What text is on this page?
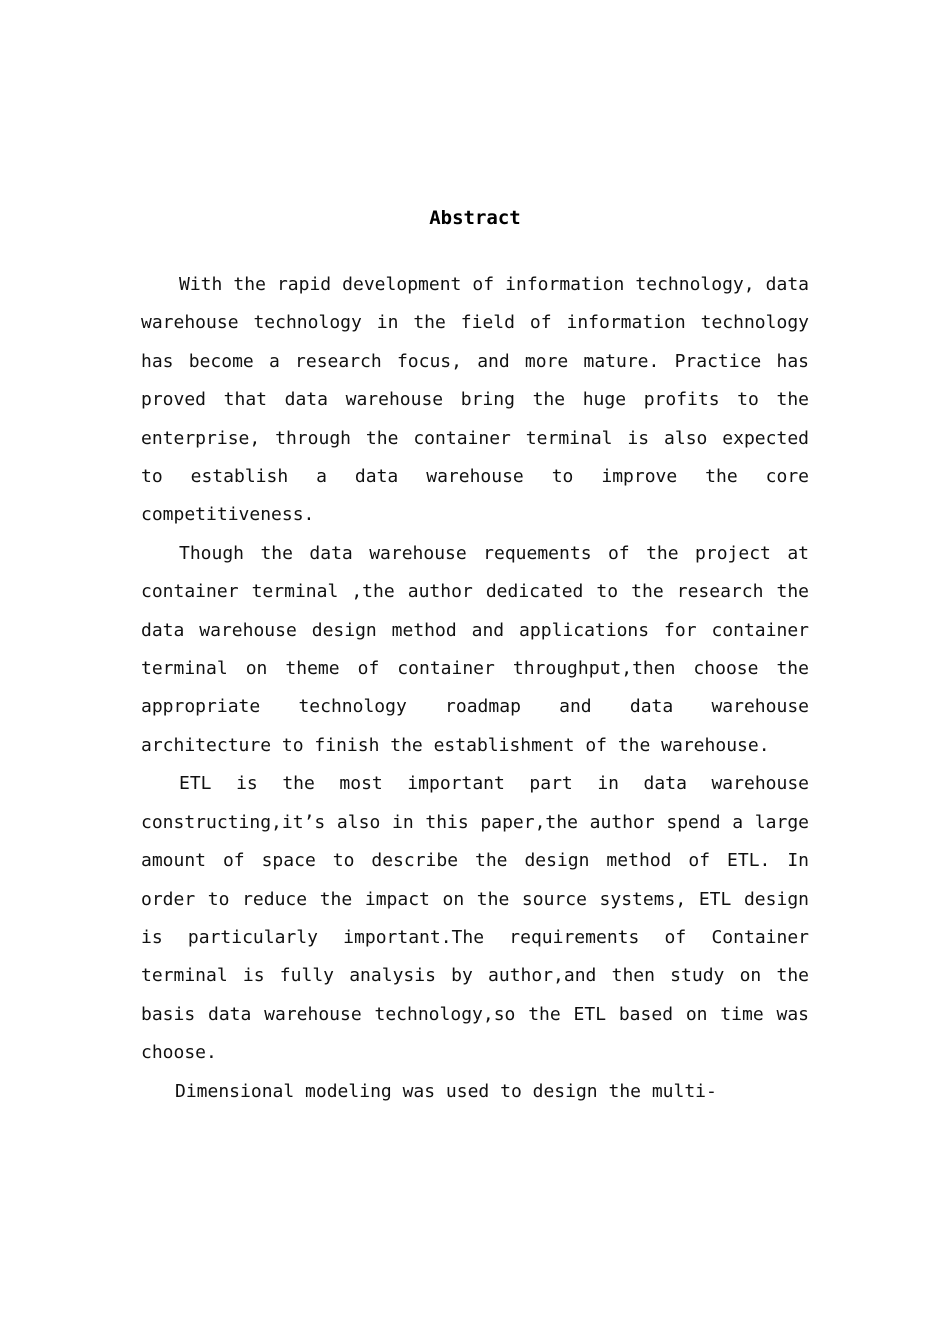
Abstract

With the rapid development of information technology, data warehouse technology in the field of information technology has become a research focus, and more mature. Practice has proved that data warehouse bring the huge profits to the enterprise, through the container terminal is also expected to establish a data warehouse to improve the core competitiveness.

Though the data warehouse requements of the project at container terminal ,the author dedicated to the research the data warehouse design method and applications for container terminal on theme of container throughput,then choose the appropriate technology roadmap and data warehouse architecture to finish the establishment of the warehouse.

ETL is the most important part in data warehouse constructing,it’s also in this paper,the author spend a large amount of space to describe the design method of ETL. In order to reduce the impact on the source systems, ETL design is particularly important.The requirements of Container terminal is fully analysis by author,and then study on the basis data warehouse technology,so the ETL based on time was choose.

Dimensional modeling was used to design the multi-
